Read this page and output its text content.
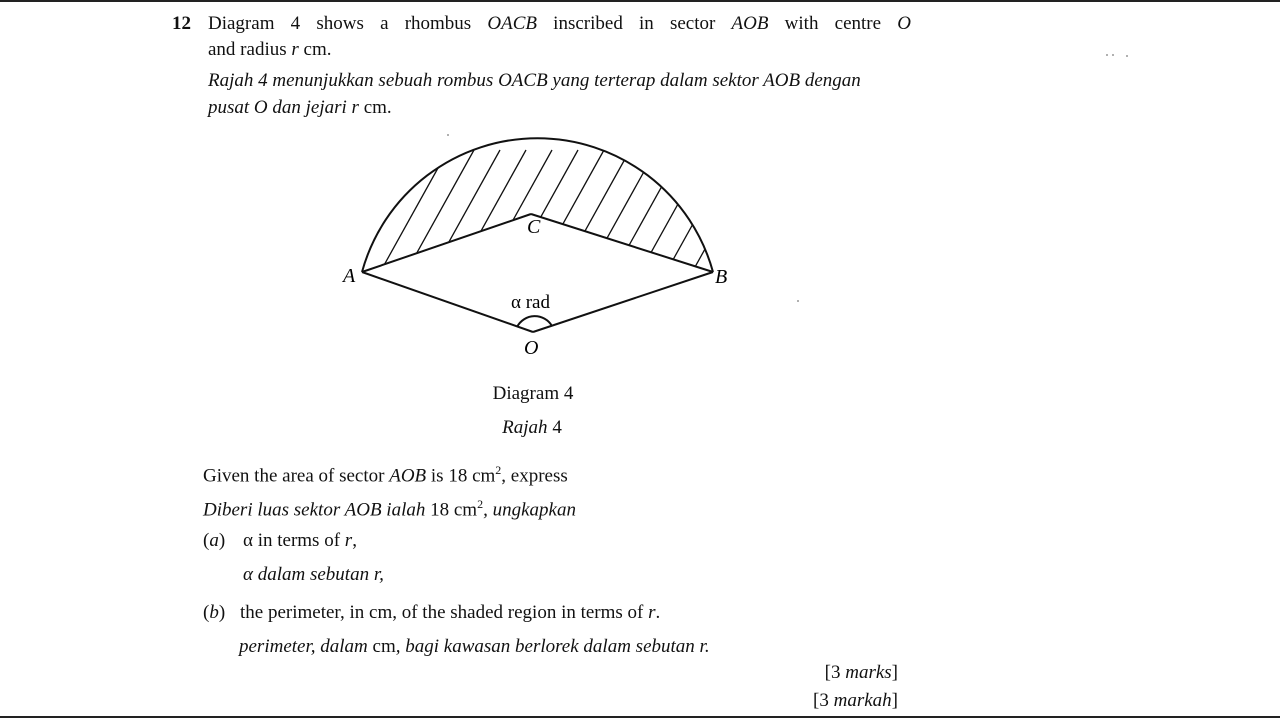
12 Diagram 4 shows a rhombus OACB inscribed in sector AOB with centre O
and radius r cm.
Rajah 4 menunjukkan sebuah rombus OACB yang terterap dalam sektor AOB dengan
pusat O dan jejari r cm.
A	B
C
O
α rad
Diagram 4
Rajah 4
Given the area of sector AOB is 18 $cm^2$, express
Diberi luas sektor AOB ialah 18 $cm^2$, ungkapkan
(a) α in terms of r,
α dalam sebutan r,
(b) the perimeter, in cm, of the shaded region in terms of r.
perimeter, dalam cm, bagi kawasan berlorek dalam sebutan r.
[3 marks]
[3 markah]
